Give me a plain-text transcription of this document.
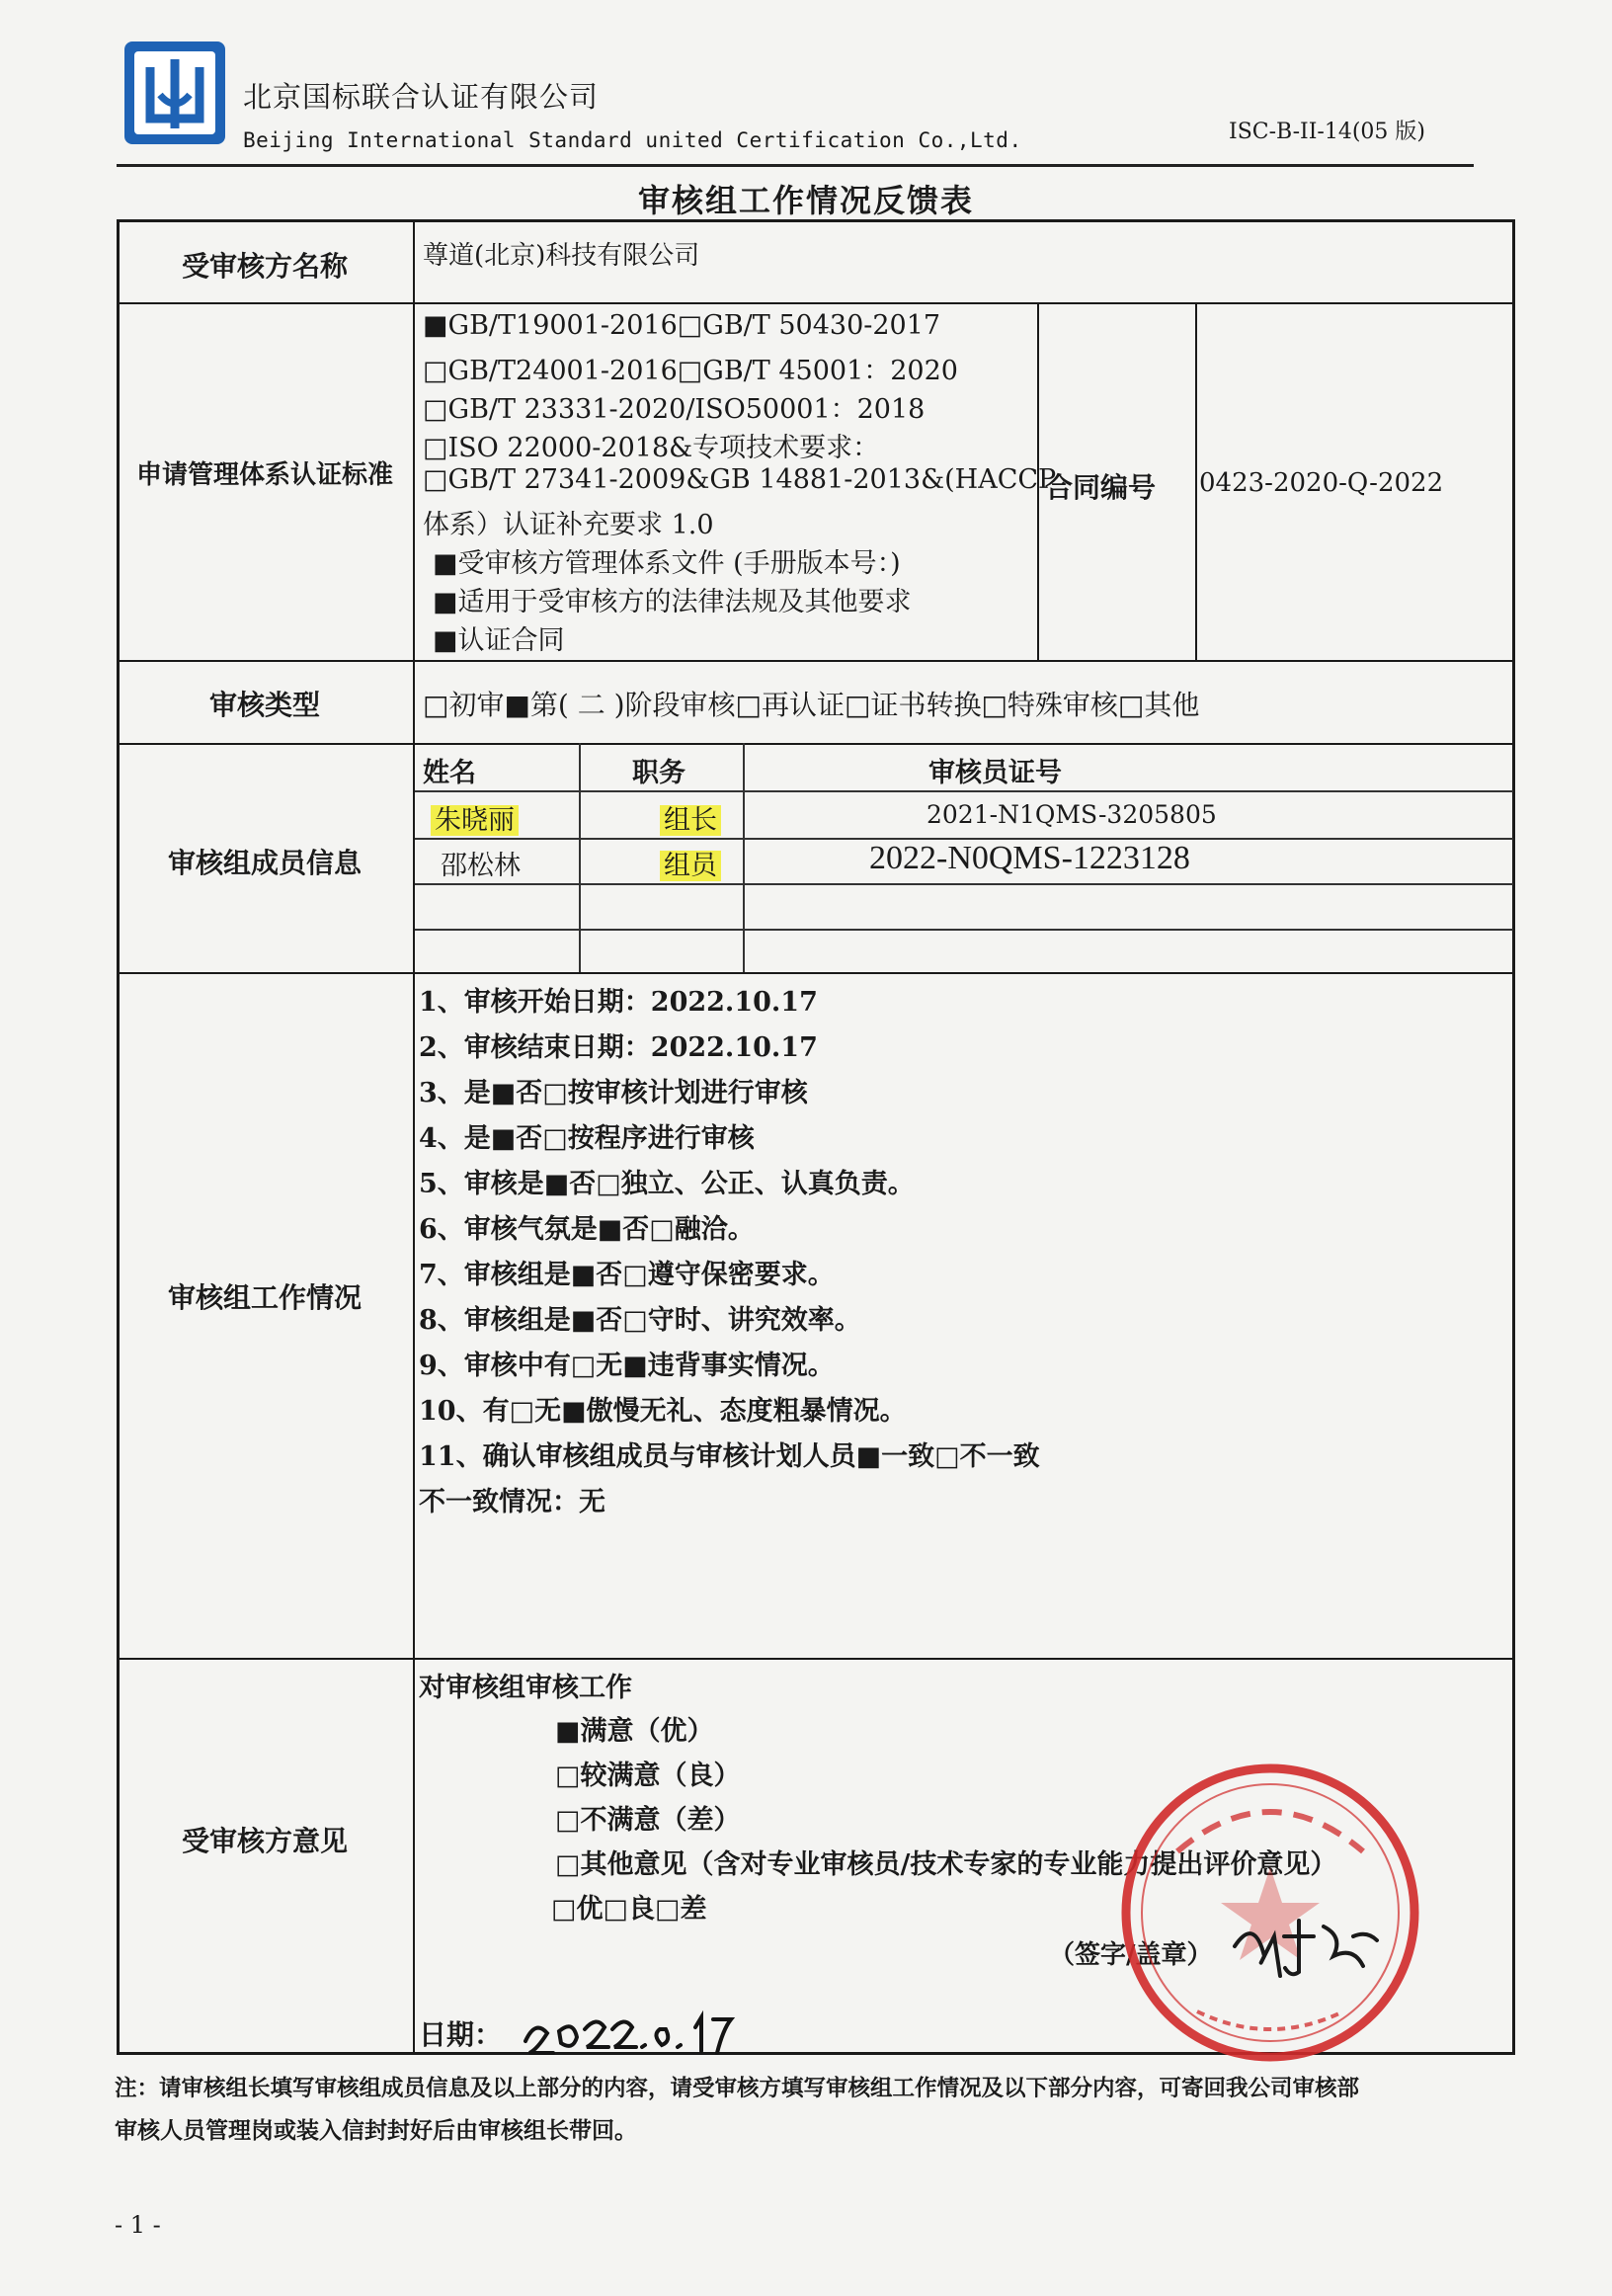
北京国标联合认证有限公司
Beijing International Standard united Certification Co.,Ltd.	ISC-B-II-14(05 版)
审核组工作情况反馈表
受审核方名称	尊道(北京)科技有限公司
申请管理体系认证标准
■GB/T19001-2016□GB/T 50430-2017
□GB/T24001-2016□GB/T 45001：2020
□GB/T 23331-2020/ISO50001：2018
□ISO 22000-2018&专项技术要求：
□GB/T 27341-2009&GB 14881-2013&(HACCP
体系）认证补充要求 1.0
■受审核方管理体系文件 (手册版本号：)
■适用于受审核方的法律法规及其他要求
■认证合同
合同编号 0423-2020-Q-2022
审核类型	□初审■第( 二 )阶段审核□再认证□证书转换□特殊审核□其他
审核组成员信息
姓名	职务	审核员证号
朱晓丽	组长	2021-N1QMS-3205805
邵松林	组员	2022-N0QMS-1223128
审核组工作情况
1、审核开始日期：2022.10.17
2、审核结束日期：2022.10.17
3、是■否□按审核计划进行审核
4、是■否□按程序进行审核
5、审核是■否□独立、公正、认真负责。
6、审核气氛是■否□融洽。
7、审核组是■否□遵守保密要求。
8、审核组是■否□守时、讲究效率。
9、审核中有□无■违背事实情况。
10、有□无■傲慢无礼、态度粗暴情况。
11、确认审核组成员与审核计划人员■一致□不一致
不一致情况：无
受审核方意见
对审核组审核工作
■满意（优）
□较满意（良）
□不满意（差）
□其他意见（含对专业审核员/技术专家的专业能力提出评价意见）
□优□良□差
（签字/盖章）
日期：
注：请审核组长填写审核组成员信息及以上部分的内容，请受审核方填写审核组工作情况及以下部分内容，可寄回我公司审核部
审核人员管理岗或装入信封封好后由审核组长带回。
- 1 -
